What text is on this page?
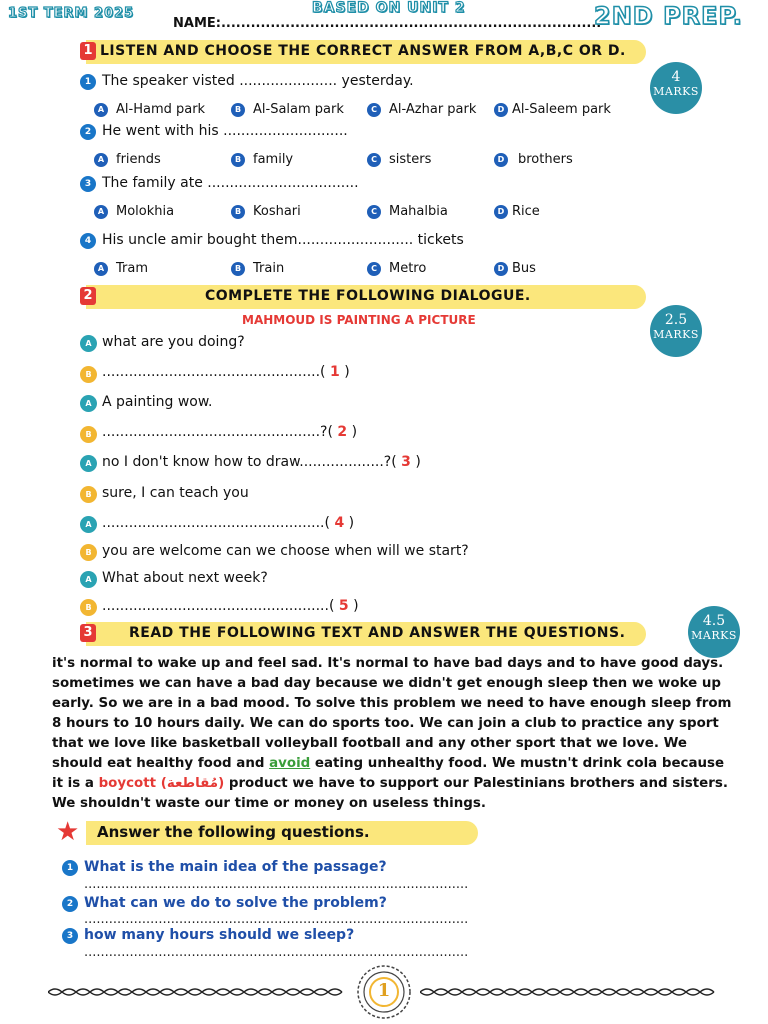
1ST TERM 2025
NAME:.............................................................................
BASED ON UNIT 2	2ND PREP.
1 LISTEN AND CHOOSE THE CORRECT ANSWER FROM A,B,C OR D.
4
MARKS
1 The speaker visted ...................... yesterday.
A Al-Hamd park	B Al-Salam park	C Al-Azhar park	D Al-Saleem park
2 He went with his ............................
A friends	B family	C sisters	D brothers
3 The family ate ..................................
A Molokhia	B Koshari	C Mahalbia	D Rice
4 His uncle amir bought them.......................... tickets
A Tram	B Train	C Metro	D Bus
2	COMPLETE THE FOLLOWING DIALOGUE.
MAHMOUD IS PAINTING A PICTURE	2.5
MARKS
A what are you doing?
B .................................................( 1 )
A A painting wow.
B .................................................?( 2 )
A no I don't know how to draw...................?( 3 )
B sure, I can teach you
A ..................................................( 4 )
B you are welcome can we choose when will we start?
A What about next week?
B ...................................................( 5 )
3	READ THE FOLLOWING TEXT AND ANSWER THE QUESTIONS.
4.5
MARKS
it's normal to wake up and feel sad. It's normal to have bad days and to have good days. sometimes we can have a bad day because we didn't get enough sleep then we woke up early. So we are in a bad mood. To solve this problem we need to have enough sleep from 8 hours to 10 hours daily. We can do sports too. We can join a club to practice any sport that we love like basketball volleyball football and any other sport that we love. We should eat healthy food and avoid eating unhealthy food. We mustn't drink cola because it is a boycott (مُقاطعة) product we have to support our Palestinians brothers and sisters. We shouldn't waste our time or money on useless things.
★ Answer the following questions.
1 What is the main idea of the passage?
.............................................................................................
2 What can we do to solve the problem?
.............................................................................................
3 how many hours should we sleep?
.............................................................................................
1
